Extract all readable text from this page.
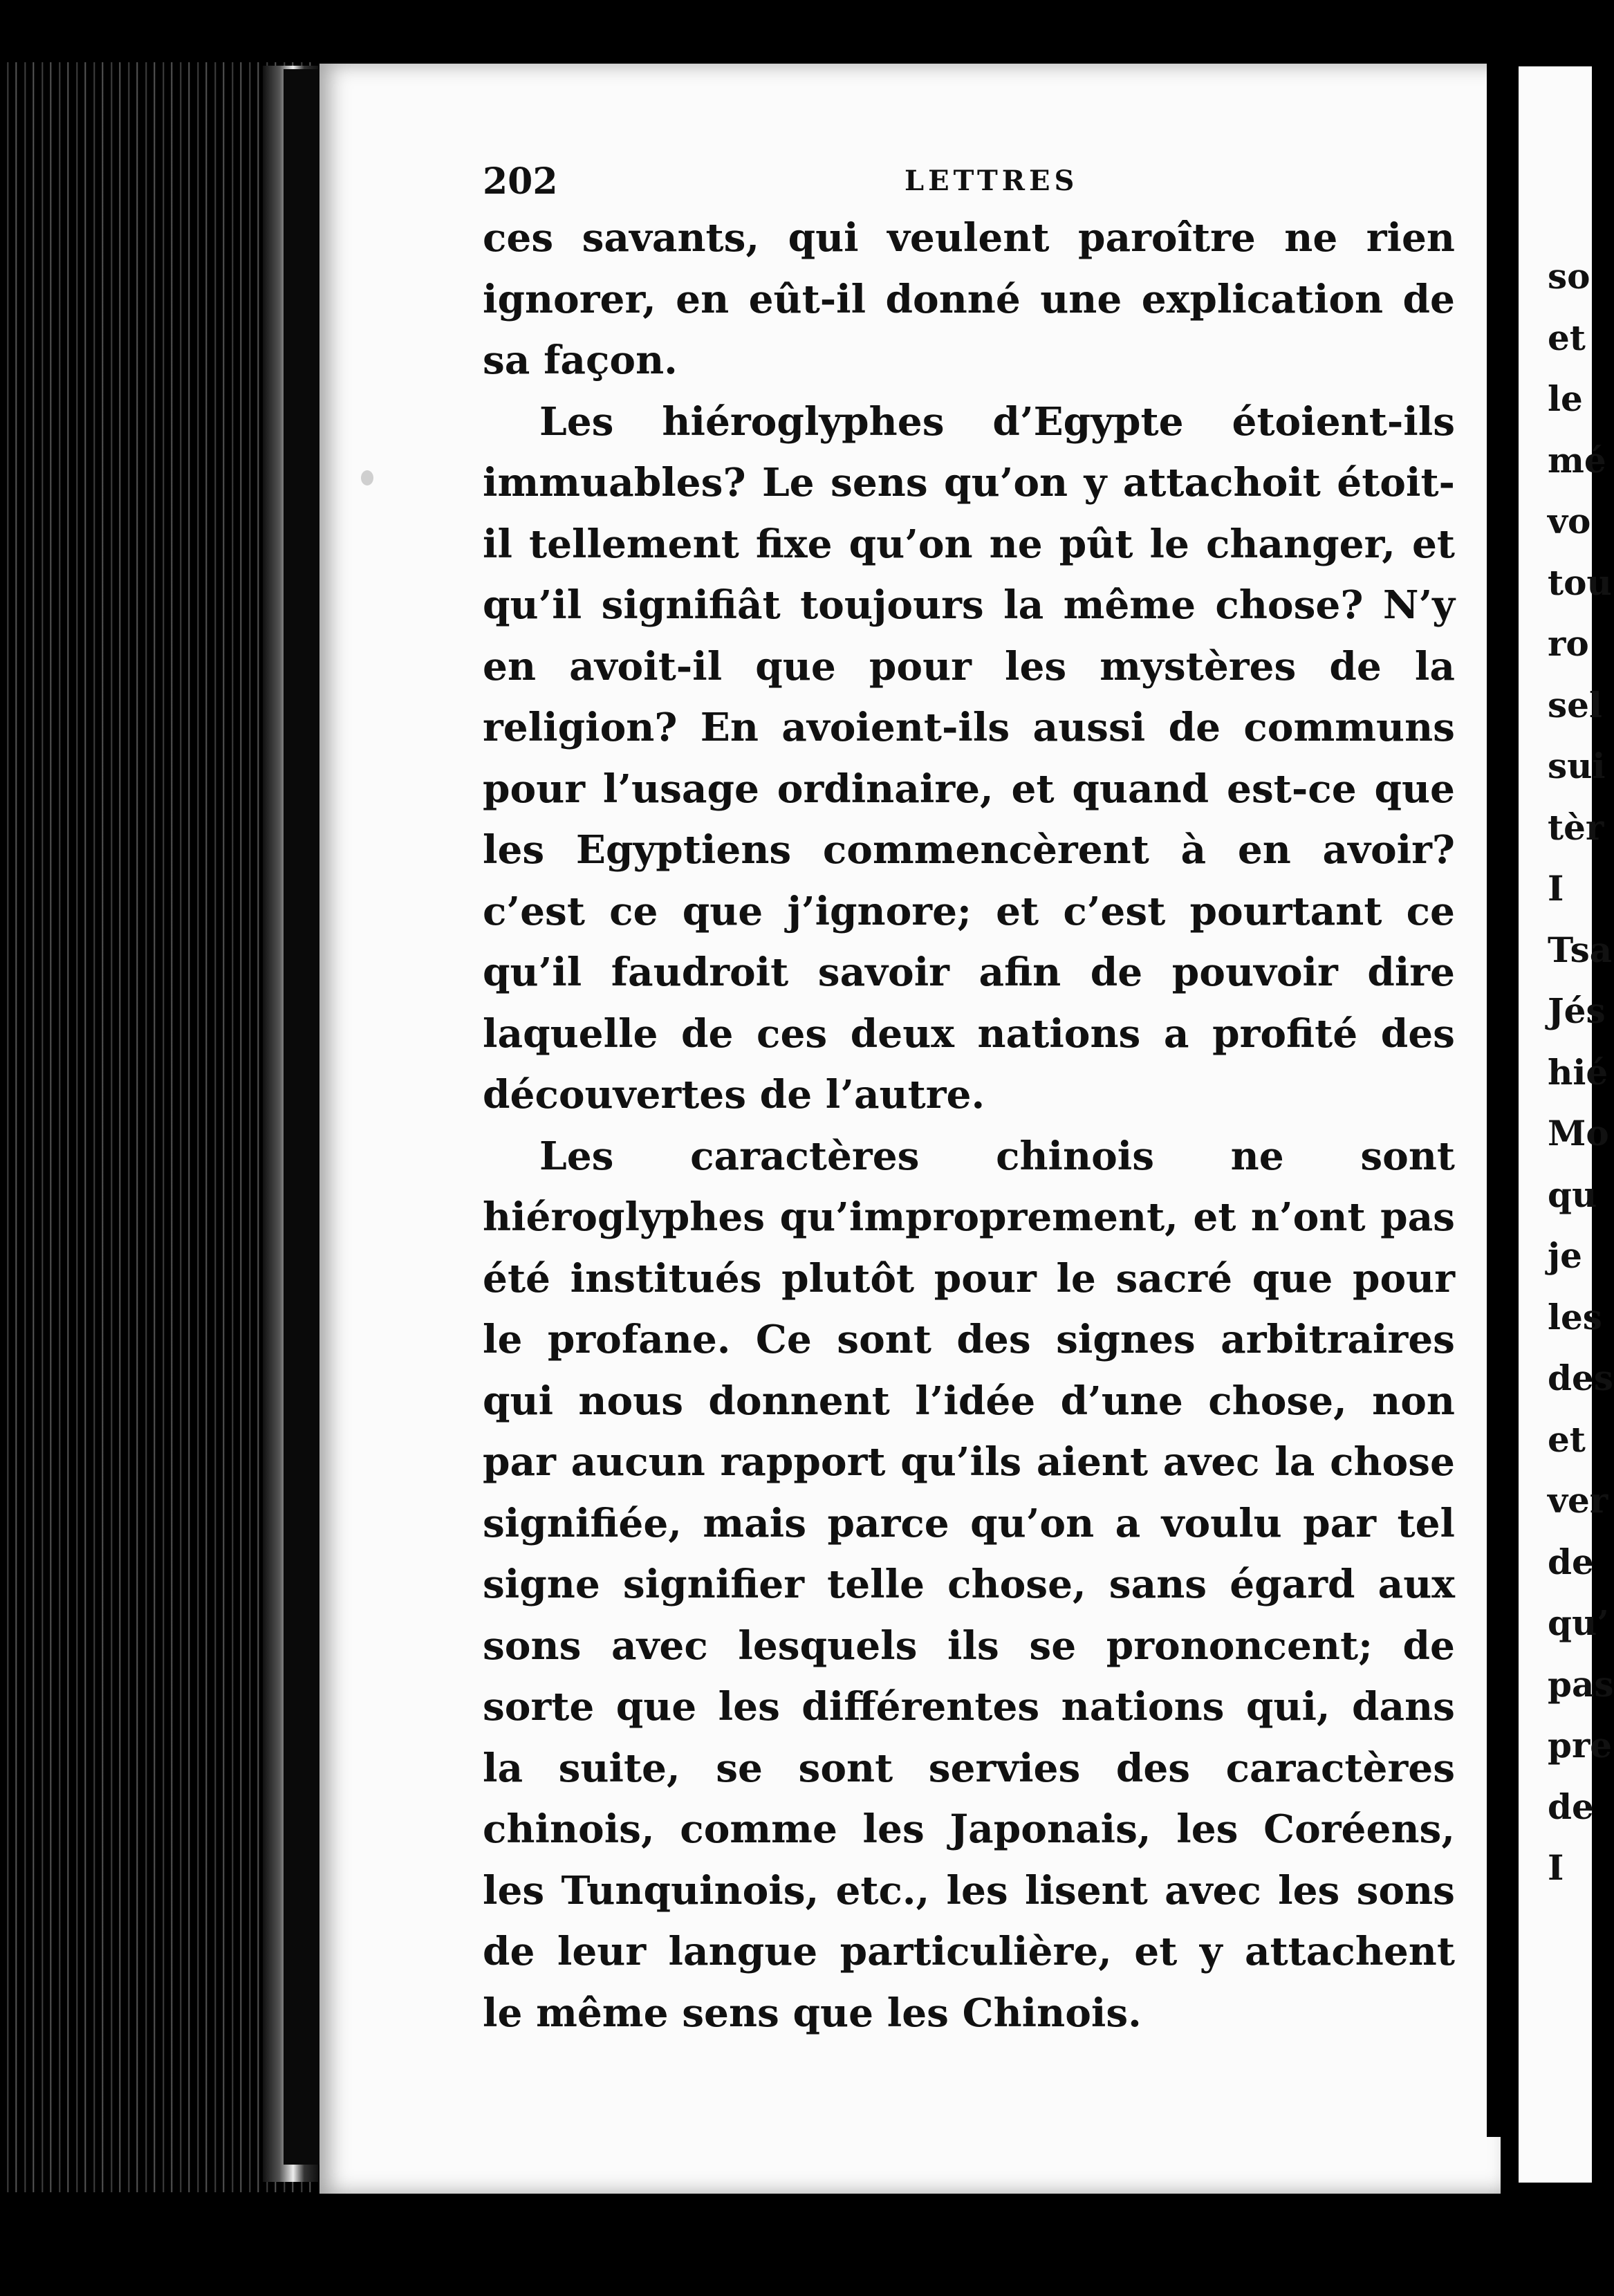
so
et
le
mé
vo
tou
ro
sel
sui
tèr
I
Tsa
Jés
hié
Mo
qu
je
les
des
et
ver
de
qu’
pas
pre
de
I
202	LETTRES

ces savants, qui veulent paroître ne rien ignorer, en eût-il donné une explication de sa façon.

Les hiéroglyphes d’Egypte étoient-ils immuables? Le sens qu’on y attachoit étoit-il tellement fixe qu’on ne pût le changer, et qu’il signifiât toujours la même chose? N’y en avoit-il que pour les mystères de la religion? En avoient-ils aussi de communs pour l’usage ordinaire, et quand est-ce que les Egyptiens commencèrent à en avoir? c’est ce que j’ignore; et c’est pourtant ce qu’il faudroit savoir afin de pouvoir dire laquelle de ces deux nations a profité des découvertes de l’autre.

Les caractères chinois ne sont hiéroglyphes qu’improprement, et n’ont pas été institués plutôt pour le sacré que pour le profane. Ce sont des signes arbitraires qui nous donnent l’idée d’une chose, non par aucun rapport qu’ils aient avec la chose signifiée, mais parce qu’on a voulu par tel signe signifier telle chose, sans égard aux sons avec lesquels ils se prononcent; de sorte que les différentes nations qui, dans la suite, se sont servies des caractères chinois, comme les Japonais, les Coréens, les Tunquinois, etc., les lisent avec les sons de leur langue particulière, et y attachent le même sens que les Chinois.
